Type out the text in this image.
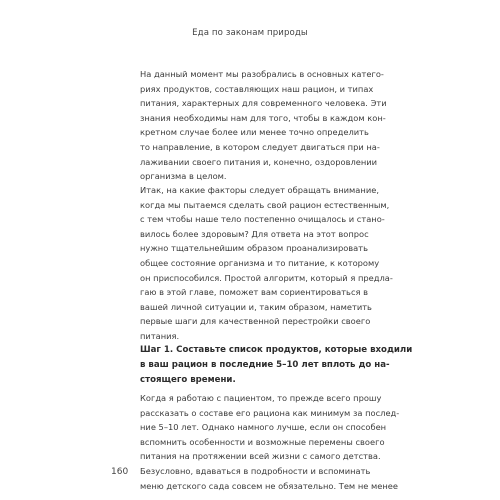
Еда по законам природы
На данный момент мы разобрались в основных катего-
риях продуктов, составляющих наш рацион, и типах
питания, характерных для современного человека. Эти
знания необходимы нам для того, чтобы в каждом кон-
кретном случае более или менее точно определить
то направление, в котором следует двигаться при на-
лаживании своего питания и, конечно, оздоровлении
организма в целом.
Итак, на какие факторы следует обращать внимание,
когда мы пытаемся сделать свой рацион естественным,
с тем чтобы наше тело постепенно очищалось и стано-
вилось более здоровым? Для ответа на этот вопрос
нужно тщательнейшим образом проанализировать
общее состояние организма и то питание, к которому
он приспособился. Простой алгоритм, который я предла-
гаю в этой главе, поможет вам сориентироваться в
вашей личной ситуации и, таким образом, наметить
первые шаги для качественной перестройки своего
питания.
Шаг 1. Составьте список продуктов, которые входили
в ваш рацион в последние 5–10 лет вплоть до на-
стоящего времени.
Когда я работаю с пациентом, то прежде всего прошу
рассказать о составе его рациона как минимум за послед-
ние 5–10 лет. Однако намного лучше, если он способен
вспомнить особенности и возможные перемены своего
питания на протяжении всей жизни с самого детства.
Безусловно, вдаваться в подробности и вспоминать
меню детского сада совсем не обязательно. Тем не менее
160
